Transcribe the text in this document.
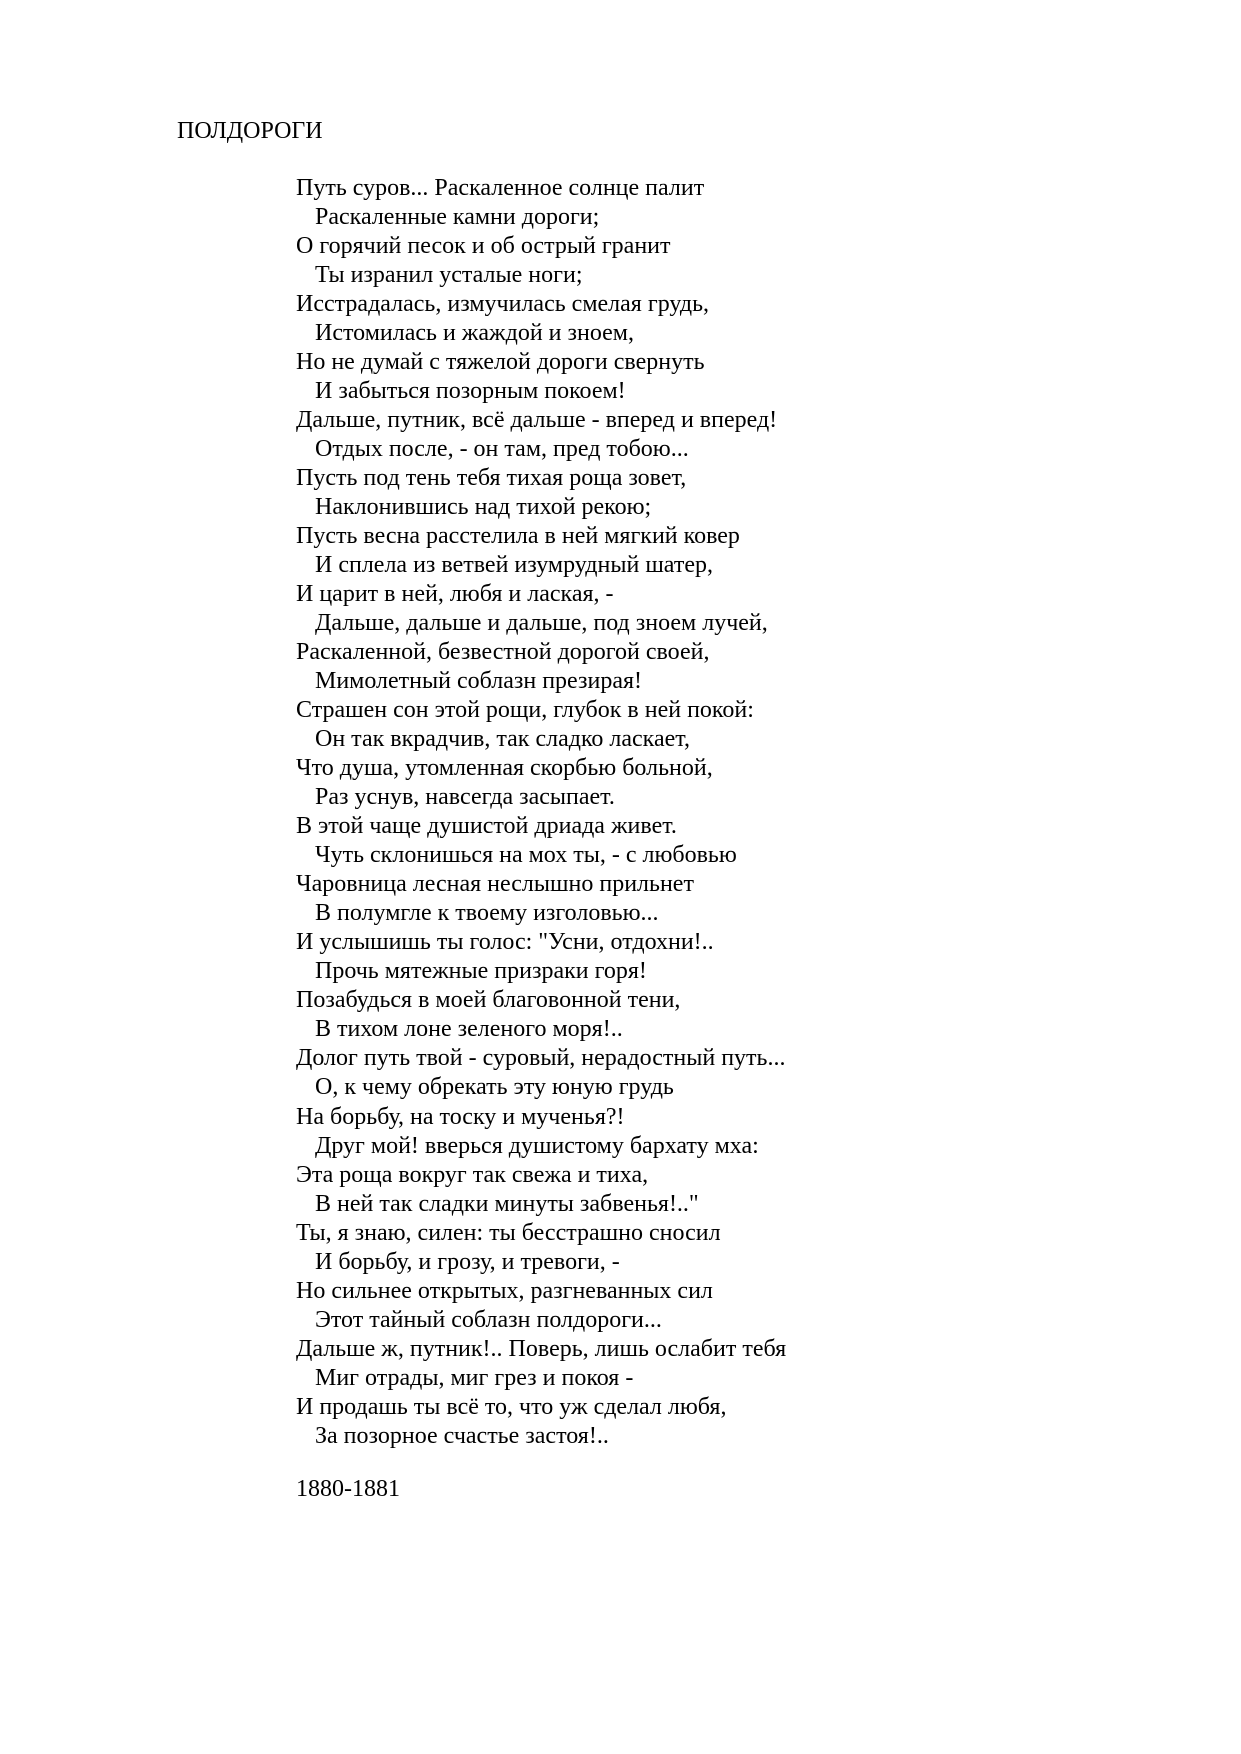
ПОЛДОРОГИ
Путь суров... Раскаленное солнце палит
Раскаленные камни дороги;
О горячий песок и об острый гранит
Ты изранил усталые ноги;
Исстрадалась, измучилась смелая грудь,
Истомилась и жаждой и зноем,
Но не думай с тяжелой дороги свернуть
И забыться позорным покоем!
Дальше, путник, всё дальше - вперед и вперед!
Отдых после, - он там, пред тобою...
Пусть под тень тебя тихая роща зовет,
Наклонившись над тихой рекою;
Пусть весна расстелила в ней мягкий ковер
И сплела из ветвей изумрудный шатер,
И царит в ней, любя и лаская, -
Дальше, дальше и дальше, под зноем лучей,
Раскаленной, безвестной дорогой своей,
Мимолетный соблазн презирая!
Страшен сон этой рощи, глубок в ней покой:
Он так вкрадчив, так сладко ласкает,
Что душа, утомленная скорбью больной,
Раз уснув, навсегда засыпает.
В этой чаще душистой дриада живет.
Чуть склонишься на мох ты, - с любовью
Чаровница лесная неслышно прильнет
В полумгле к твоему изголовью...
И услышишь ты голос: "Усни, отдохни!..
Прочь мятежные призраки горя!
Позабудься в моей благовонной тени,
В тихом лоне зеленого моря!..
Долог путь твой - суровый, нерадостный путь...
О, к чему обрекать эту юную грудь
На борьбу, на тоску и мученья?!
Друг мой! вверься душистому бархату мха:
Эта роща вокруг так свежа и тиха,
В ней так сладки минуты забвенья!.."
Ты, я знаю, силен: ты бесстрашно сносил
И борьбу, и грозу, и тревоги, -
Но сильнее открытых, разгневанных сил
Этот тайный соблазн полдороги...
Дальше ж, путник!.. Поверь, лишь ослабит тебя
Миг отрады, миг грез и покоя -
И продашь ты всё то, что уж сделал любя,
За позорное счастье застоя!..
1880-1881
